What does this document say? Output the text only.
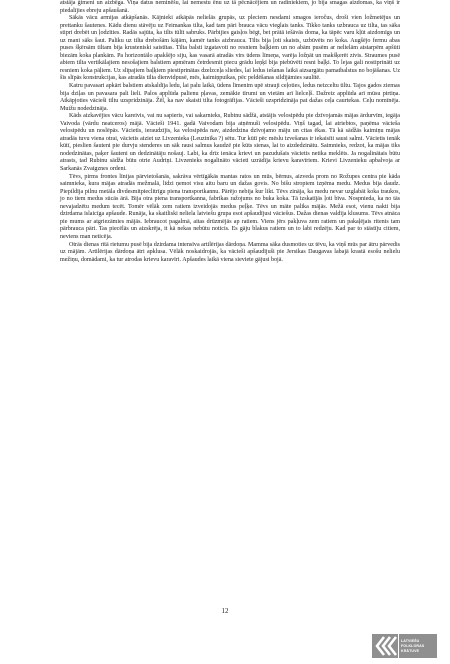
atstāja ģimeni un aizbēga. Viņa datus neminēšu, lai nemestu ēnu uz tā pēcnācējiem un radiniekiem, jo bija smagas aizdomas, ka viņš ir piedalījies ebreju apšaušanā.

Sākās vācu armijas atkāpšanās. Kājnieki atkāpās nelielās grupās, uz pleciem nesdami smagos ieročus, droši vien ložmetējus un prettanku šautenes. Kādu dienu stāvēju uz Feimankas tilta, kad tam pāri brauca vācu vieglais tanks. Tikko tanks uzbrauca uz tilta, tas sāka stipri drebēt un ļodzīties. Radās sajūta, ka tilts tūlīt sabruks. Pārbijies gaisļos bēgt, bet prātā iešāvās doma, ka tāpēc varu kļūt aizdomīgs un uz mani sāks šaut. Paliku uz tilta drebošām kājām, kamēr tanks aizbrauca. Tilts bija ļoti skaists, uzbūvēts no koka. Augšējo fermu abas puses šķērsām tiltam bija krusteniski saistītas. Tilta balsti izgatavoti no resniem baļķiem un no abām pusēm ar nelielām atstarpēm apšūti biezām koka plankām. Pa horizontālo apakšējo siju, kas vasarā atradās virs ūdens līmeņa, varēja ložņāt un makšķerēt zivis. Straumes pusē abiem tilta vertikālajiem nesošajiem balstiem apmēram četrdesmit piecu grādu leņķī bija piebūvēti resni baļķi. To lejas gali nostiprināti uz resniem koka pāļiem. Uz slīpajiem baļķiem piestiprinātas dzelzceļa sliedes, lai ledus iešanas laikā aizsargātu pamatbalstus no bojāšanas. Uz šīs slīpās konstrukcijas, kas atradās tilta dienvidpusē, mēs, kaimiņpuikas, pēc peldēšanas sildījāmies saulītē.

Katru pavasari apkārt balstiem atskaldīja ledu, lai palu laikā, ūdens līmenim upē strauji ceļoties, ledus neizceltu tiltu. Tajos gados ziemas bija dziļas un pavasara pali lieli. Palos applūda palienu pļavas, zemākie tīrumi un vietām arī lielceļš. Dažreiz applūda arī mūsu pirtiņa. Atkāpjoties vācieši tiltu uzspridzināja. Žēl, ka nav skaisti tilta fotogrāfijas. Vācieši uzspridzināja pat dažas ceļa caurtekas. Ceļu nomīnēja. Muižu nodedzināja.

Kāds aizkavējies vācu kareivis, vai nu sapieris, vai sakarnieks, Rubinu sādžā, atstājis velosipēdu pie dzīvojamās mājas ārdurvīm, iegāja Vaivoda (vārdu neatceros) mājā. Vācieši 1941. gadā Vaivodam bija atņēmuši velosipēdu. Viņš tagad, lai atriebtos, paņēma vācieša velosipēdu un noslēpās. Vācietis, ieraudzījis, ka velosipēda nav, aizdedzina dzīvojamo māju un citas ēkas. Tā kā sādžās kaimiņu mājas atradās tuvu viena otrai, vācietis aiziet uz Livzenieka (Leuzinīka ?) sētu. Tur kūtī pēc mēslu izvešanas ir iekaisīti sausi salmi. Vācietis ienāk kūtī, pieslien šauteni pie durvju stenderes un sāk rausi salmus kaudzē pie kūts sienas, lai to aizdedzinātu. Saimnieks, redzot, ka mājas tiks nodedzinātas, paķer šauteni un dedzinātāju nošauj. Labi, ka drīz ienāca krievi un pazudušais vācietis netika meklēts. Ja nogalinātais būtu atrasts, tad Rubinu sādža būtu otrie Audriņi. Livzenieks nogalināto vācieti uzrādīja krievu karavīriem. Krievi Livzenieku apbalvoja ar Sarkanās Zvaigznes ordeni.

Tēvs, pirms frontes līnijas pārvietošanās, sakrāva vērtīgākās mantas ratos un mūs, bērnus, aizveda prom no Rožupes centra pie kāda saimnieka, kura mājas atradās mežmalā, līdzi ņemot visu aitu baru un dažas govis. No bišu stropiem izņēma medu. Medus bija daudz. Piepildīja pilnu metāla divdesmitpieclitrīgu piena transportkannu. Pārējo nebija kur likt. Tēvs zināja, ka medu nevar uzglabāt koka traukos, jo no tiem medus sūcās ārā. Bija otra piena transportkanna, fabrikas ražojums no buka koka. Tā izskatījās ļoti bīva. Nospnieda, ka no tās nevajadzētu medum tecēt. Tomēr vēlāk zem ratiem izveidojās medus peļķe. Tēvs un māte palika mājās. Mežā esot, vienu nakti bija dzirdama īslaicīga apšaude. Runāja, ka skaitliski neliela latviešu grupa esot apšaudījusi vāciešus. Dažas dienas valdīja klusums. Tēvs atnāca pie mums ar atgriezāmies mājās. Iebraucot pagalmā, aitas drūzmējās ap ratiem. Viens jērs pakļuva zem ratiem un pakaļējais ritenis tam pārbrauca pāri. Tas piecēlās un aizskrēja, it kā nekas nebūtu noticis. Es gāju blakus ratiem un to labi redzēju. Kad par to stāstīju citiem, neviens man neticēja.

Otrās dienas rītā rietumu pusē bija dzirdama intensīva artilērijas dārdoņa. Mamma sāka dusmoties uz tēvu, ka viņš mūs par ātru pārvedis uz mājām. Artilērijas dārdoņa ātri apklusa. Vēlāk noskaidrojās, ka vācieši apšaudījuši pie Jersikas Daugavas labajā krastā esošu nelielu mežiņu, domādami, ka tur atrodas krievu karavīri. Apšaudes laikā viena sieviete gājusi bojā.

12
LATVIEŠU
FOLKLORAS
KRĀTUVE
